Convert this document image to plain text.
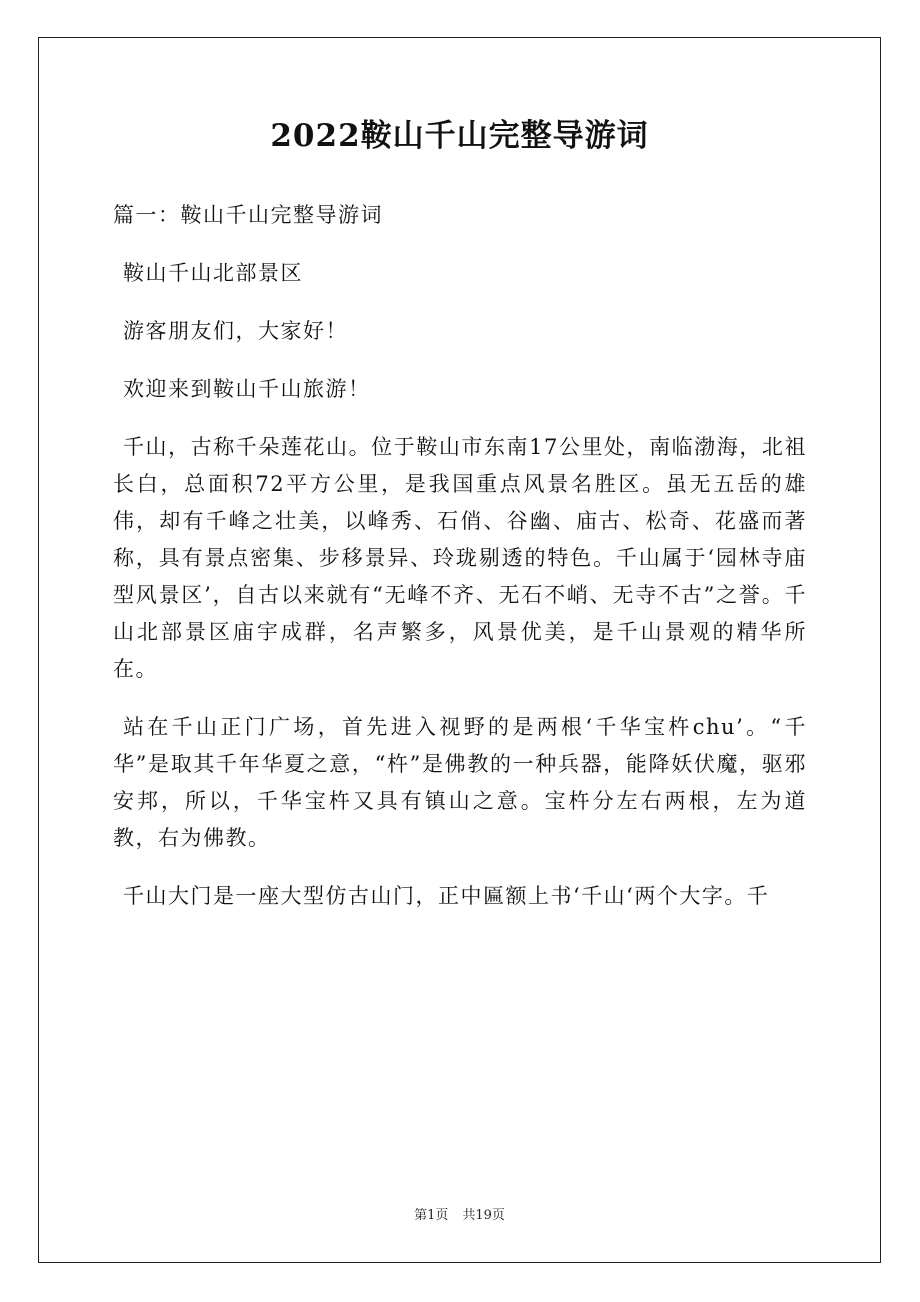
2022鞍山千山完整导游词

篇一：鞍山千山完整导游词

鞍山千山北部景区

游客朋友们，大家好！

欢迎来到鞍山千山旅游！

千山，古称千朵莲花山。位于鞍山市东南17公里处，南临渤海，北祖长白，总面积72平方公里，是我国重点风景名胜区。虽无五岳的雄伟，却有千峰之壮美，以峰秀、石俏、谷幽、庙古、松奇、花盛而著称，具有景点密集、步移景异、玲珑剔透的特色。千山属于‘园林寺庙型风景区’，自古以来就有“无峰不齐、无石不峭、无寺不古”之誉。千山北部景区庙宇成群，名声繁多，风景优美，是千山景观的精华所在。

站在千山正门广场，首先进入视野的是两根‘千华宝杵chu’。“千华”是取其千年华夏之意，“杵”是佛教的一种兵器，能降妖伏魔，驱邪安邦，所以，千华宝杵又具有镇山之意。宝杵分左右两根，左为道教，右为佛教。

千山大门是一座大型仿古山门，正中匾额上书‘千山‘两个大字。千

第1页 共19页
